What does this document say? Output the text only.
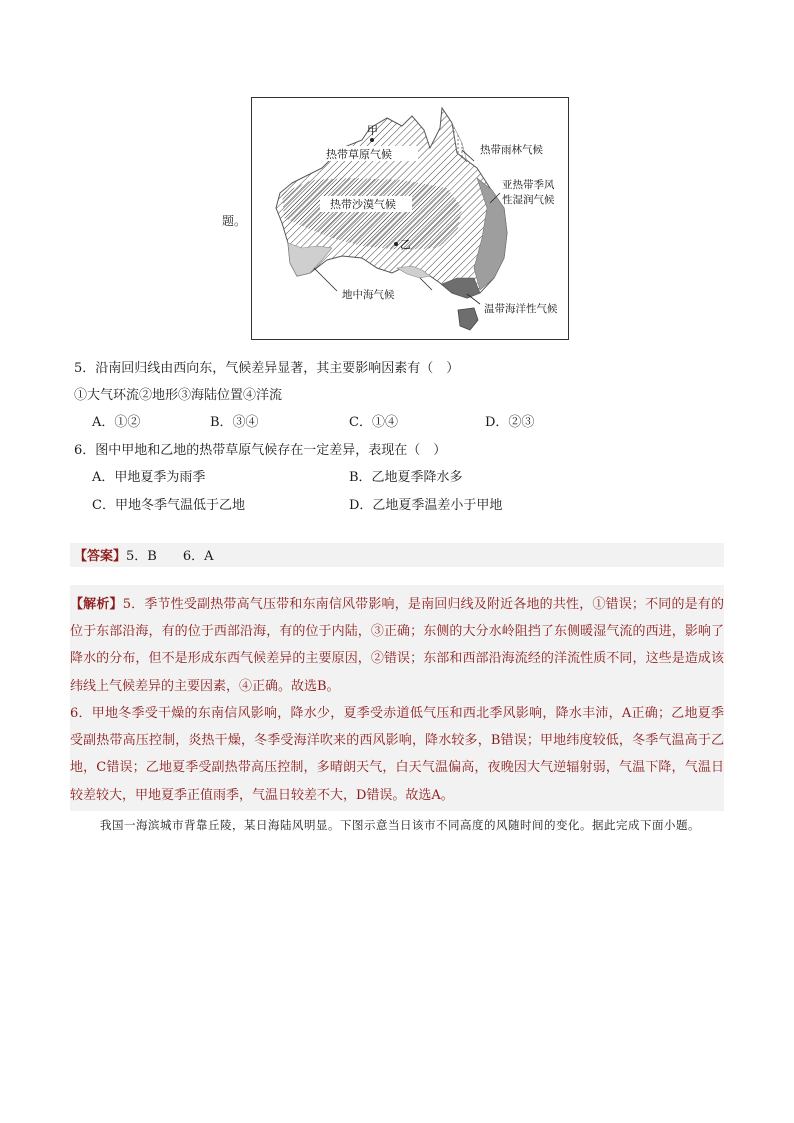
题。
甲
热带草原气候
热带沙漠气候
乙
热带雨林气候
亚热带季风
性湿润气候
地中海气候
温带海洋性气候
5．沿南回归线由西向东，气候差异显著，其主要影响因素有（　）
①大气环流②地形③海陆位置④洋流
A．①②	B．③④	C．①④	D．②③
6．图中甲地和乙地的热带草原气候存在一定差异，表现在（　）
A．甲地夏季为雨季	B．乙地夏季降水多
C．甲地冬季气温低于乙地	D．乙地夏季温差小于甲地
【答案】5．B　　6．A
【解析】5．季节性受副热带高气压带和东南信风带影响，是南回归线及附近各地的共性，①错误；不同的是有的位于东部沿海，有的位于西部沿海，有的位于内陆，③正确；东侧的大分水岭阻挡了东侧暖湿气流的西进，影响了降水的分布，但不是形成东西气候差异的主要原因，②错误；东部和西部沿海流经的洋流性质不同，这些是造成该纬线上气候差异的主要因素，④正确。故选B。
6．甲地冬季受干燥的东南信风影响，降水少，夏季受赤道低气压和西北季风影响，降水丰沛，A正确；乙地夏季受副热带高压控制，炎热干燥，冬季受海洋吹来的西风影响，降水较多，B错误；甲地纬度较低，冬季气温高于乙地，C错误；乙地夏季受副热带高压控制，多晴朗天气，白天气温偏高，夜晚因大气逆辐射弱，气温下降，气温日较差较大，甲地夏季正值雨季，气温日较差不大，D错误。故选A。
我国一海滨城市背靠丘陵，某日海陆风明显。下图示意当日该市不同高度的风随时间的变化。据此完成下面小题。
